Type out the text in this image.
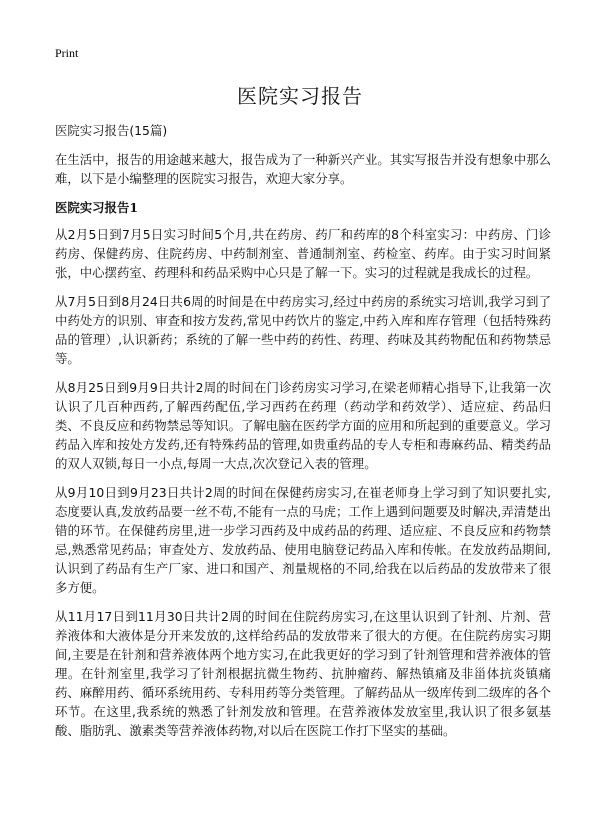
Print
医院实习报告

医院实习报告(15篇)

在生活中，报告的用途越来越大，报告成为了一种新兴产业。其实写报告并没有想象中那么难，以下是小编整理的医院实习报告，欢迎大家分享。

医院实习报告1

从2月5日到7月5日实习时间5个月,共在药房、药厂和药库的8个科室实习：中药房、门诊药房、保健药房、住院药房、中药制剂室、普通制剂室、药检室、药库。由于实习时间紧张，中心摆药室、药理科和药品采购中心只是了解一下。实习的过程就是我成长的过程。

从7月5日到8月24日共6周的时间是在中药房实习,经过中药房的系统实习培训,我学习到了中药处方的识别、审查和按方发药,常见中药饮片的鉴定,中药入库和库存管理（包括特殊药品的管理）,认识新药；系统的了解一些中药的药性、药理、药味及其药物配伍和药物禁忌等。

从8月25日到9月9日共计2周的时间在门诊药房实习学习,在梁老师精心指导下,让我第一次认识了几百种西药,了解西药配伍,学习西药在药理（药动学和药效学）、适应症、药品归类、不良反应和药物禁忌等知识。了解电脑在医药学方面的应用和所起到的重要意义。学习药品入库和按处方发药,还有特殊药品的管理,如贵重药品的专人专柜和毒麻药品、精类药品的双人双锁,每日一小点,每周一大点,次次登记入表的管理。

从9月10日到9月23日共计2周的时间在保健药房实习,在崔老师身上学习到了知识要扎实,态度要认真,发放药品要一丝不苟,不能有一点的马虎；工作上遇到问题要及时解决,弄清楚出错的环节。在保健药房里,进一步学习西药及中成药品的药理、适应症、不良反应和药物禁忌,熟悉常见药品；审查处方、发放药品、使用电脑登记药品入库和传帐。在发放药品期间,认识到了药品有生产厂家、进口和国产、剂量规格的不同,给我在以后药品的发放带来了很多方便。

从11月17日到11月30日共计2周的时间在住院药房实习,在这里认识到了针剂、片剂、营养液体和大液体是分开来发放的,这样给药品的发放带来了很大的方便。在住院药房实习期间,主要是在针剂和营养液体两个地方实习,在此我更好的学习到了针剂管理和营养液体的管理。在针剂室里,我学习了针剂根据抗微生物药、抗肿瘤药、解热镇痛及非甾体抗炎镇痛药、麻醉用药、循环系统用药、专科用药等分类管理。了解药品从一级库传到二级库的各个环节。在这里,我系统的熟悉了针剂发放和管理。在营养液体发放室里,我认识了很多氨基酸、脂肪乳、激素类等营养液体药物,对以后在医院工作打下坚实的基础。
